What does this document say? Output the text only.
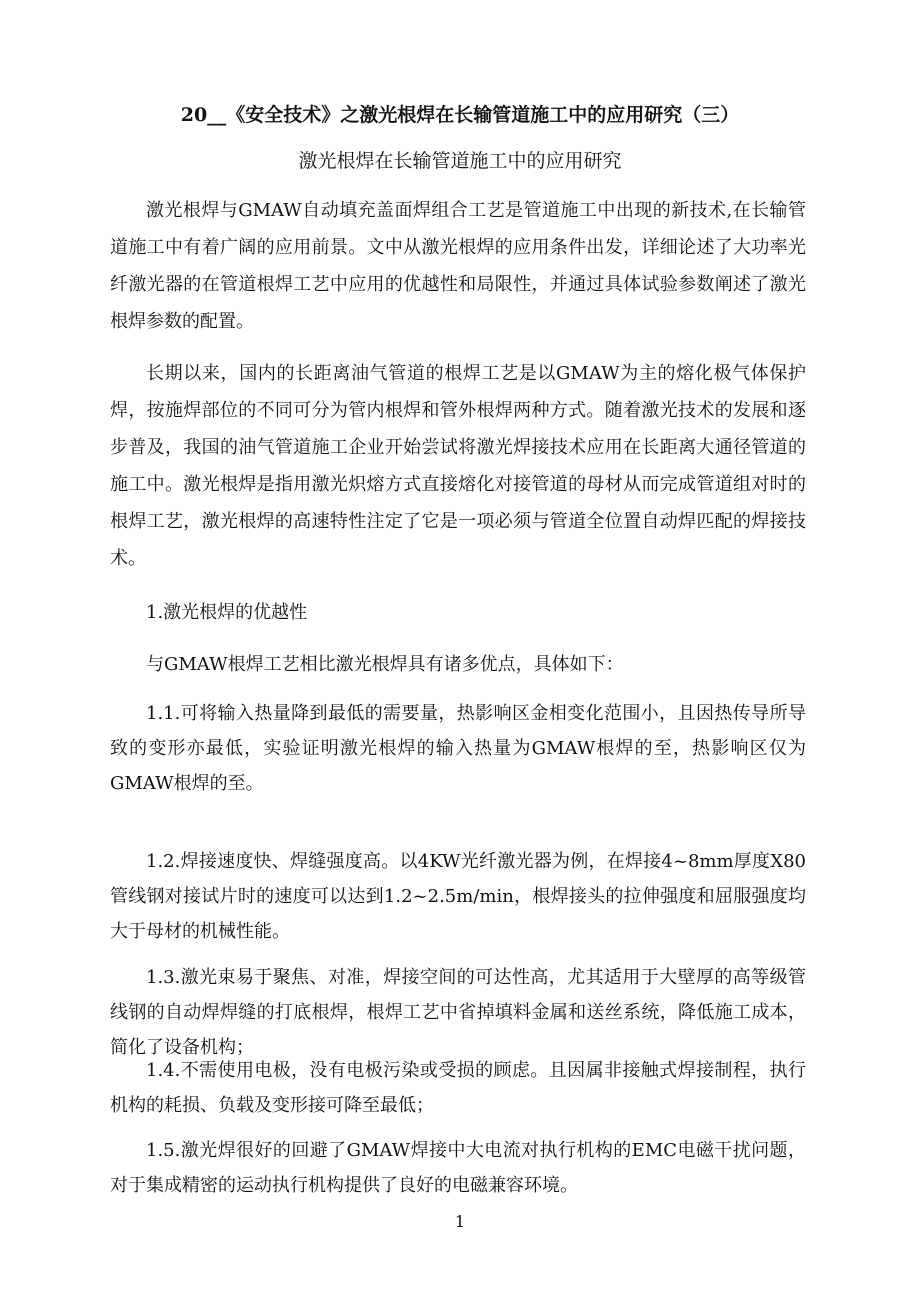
20__《安全技术》之激光根焊在长输管道施工中的应用研究（三）
激光根焊在长输管道施工中的应用研究

激光根焊与GMAW自动填充盖面焊组合工艺是管道施工中出现的新技术,在长输管道施工中有着广阔的应用前景。文中从激光根焊的应用条件出发，详细论述了大功率光纤激光器的在管道根焊工艺中应用的优越性和局限性，并通过具体试验参数阐述了激光根焊参数的配置。

长期以来，国内的长距离油气管道的根焊工艺是以GMAW为主的熔化极气体保护焊，按施焊部位的不同可分为管内根焊和管外根焊两种方式。随着激光技术的发展和逐步普及，我国的油气管道施工企业开始尝试将激光焊接技术应用在长距离大通径管道的施工中。激光根焊是指用激光炽熔方式直接熔化对接管道的母材从而完成管道组对时的根焊工艺，激光根焊的高速特性注定了它是一项必须与管道全位置自动焊匹配的焊接技术。

1.激光根焊的优越性

与GMAW根焊工艺相比激光根焊具有诸多优点，具体如下：

1.1.可将输入热量降到最低的需要量，热影响区金相变化范围小，且因热传导所导致的变形亦最低，实验证明激光根焊的输入热量为GMAW根焊的至，热影响区仅为 GMAW根焊的至。

1.2.焊接速度快、焊缝强度高。以4KW光纤激光器为例，在焊接4~8mm厚度X80管线钢对接试片时的速度可以达到1.2~2.5m/min，根焊接头的拉伸强度和屈服强度均大于母材的机械性能。

1.3.激光束易于聚焦、对准，焊接空间的可达性高，尤其适用于大壁厚的高等级管线钢的自动焊焊缝的打底根焊，根焊工艺中省掉填料金属和送丝系统，降低施工成本，简化了设备机构；

1.4.不需使用电极，没有电极污染或受损的顾虑。且因属非接触式焊接制程，执行机构的耗损、负载及变形接可降至最低；

1.5.激光焊很好的回避了GMAW焊接中大电流对执行机构的EMC电磁干扰问题，对于集成精密的运动执行机构提供了良好的电磁兼容环境。

1
